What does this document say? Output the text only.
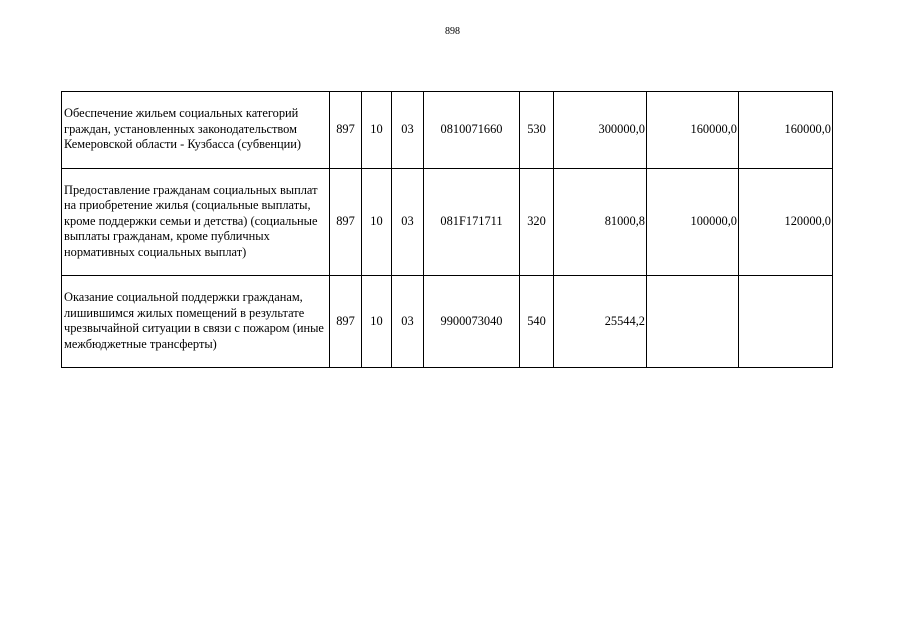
898
Обеспечение жильем социальных категорий граждан, установленных законодательством Кемеровской области - Кузбасса (субвенции)	897	10	03	0810071660	530	300000,0	160000,0	160000,0
Предоставление гражданам социальных выплат на приобретение жилья (социальные выплаты, кроме поддержки семьи и детства) (социальные выплаты гражданам, кроме публичных нормативных социальных выплат)	897	10	03	081F171711	320	81000,8	100000,0	120000,0
Оказание социальной поддержки гражданам, лишившимся жилых помещений в результате чрезвычайной ситуации в связи с пожаром (иные межбюджетные трансферты)	897	10	03	9900073040	540	25544,2		
